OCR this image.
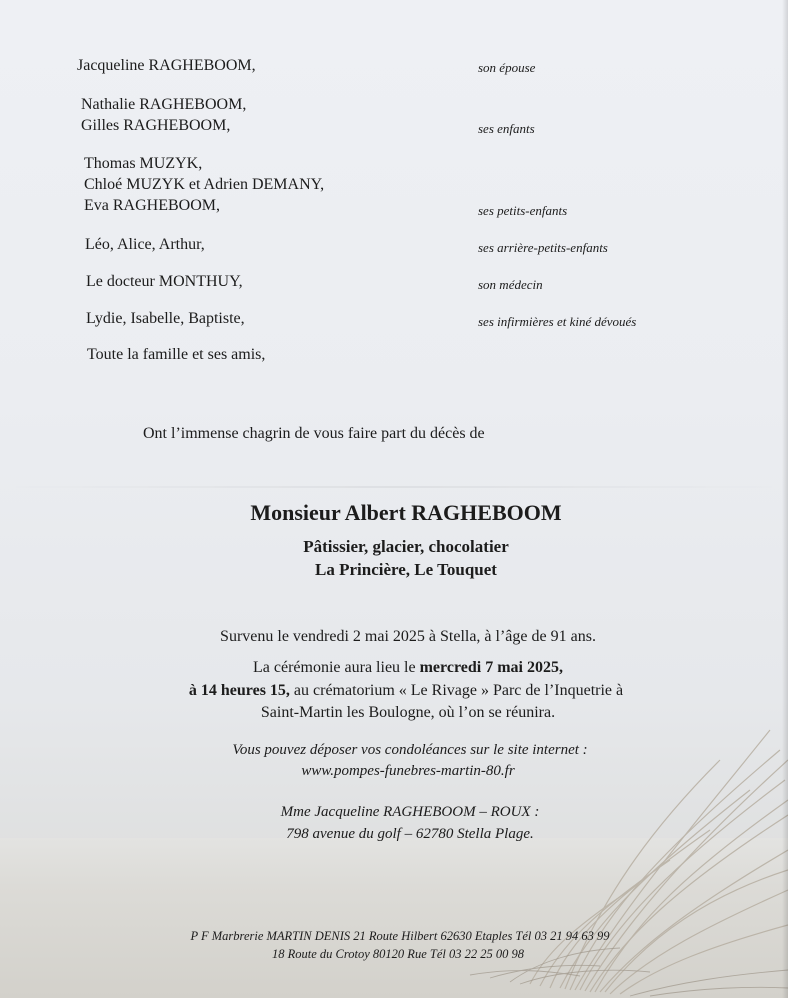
Jacqueline RAGHEBOOM,	son épouse
Nathalie RAGHEBOOM,
Gilles RAGHEBOOM,	ses enfants
Thomas MUZYK,
Chloé MUZYK et Adrien DEMANY,
Eva RAGHEBOOM,	ses petits-enfants
Léo, Alice, Arthur,	ses arrière-petits-enfants
Le docteur MONTHUY,	son médecin
Lydie, Isabelle, Baptiste,	ses infirmières et kiné dévoués
Toute la famille et ses amis,
Ont l’immense chagrin de vous faire part du décès de
Monsieur Albert RAGHEBOOM
Pâtissier, glacier, chocolatier
La Princière, Le Touquet
Survenu le vendredi 2 mai 2025 à Stella, à l’âge de 91 ans.
La cérémonie aura lieu le mercredi 7 mai 2025,
à 14 heures 15, au crématorium « Le Rivage » Parc de l’Inquetrie à
Saint-Martin les Boulogne, où l’on se réunira.
Vous pouvez déposer vos condoléances sur le site internet :
www.pompes-funebres-martin-80.fr
Mme Jacqueline RAGHEBOOM – ROUX :
798 avenue du golf – 62780 Stella Plage.
P F Marbrerie MARTIN DENIS 21 Route Hilbert 62630 Etaples Tél 03 21 94 63 99
18 Route du Crotoy 80120 Rue Tél 03 22 25 00 98
